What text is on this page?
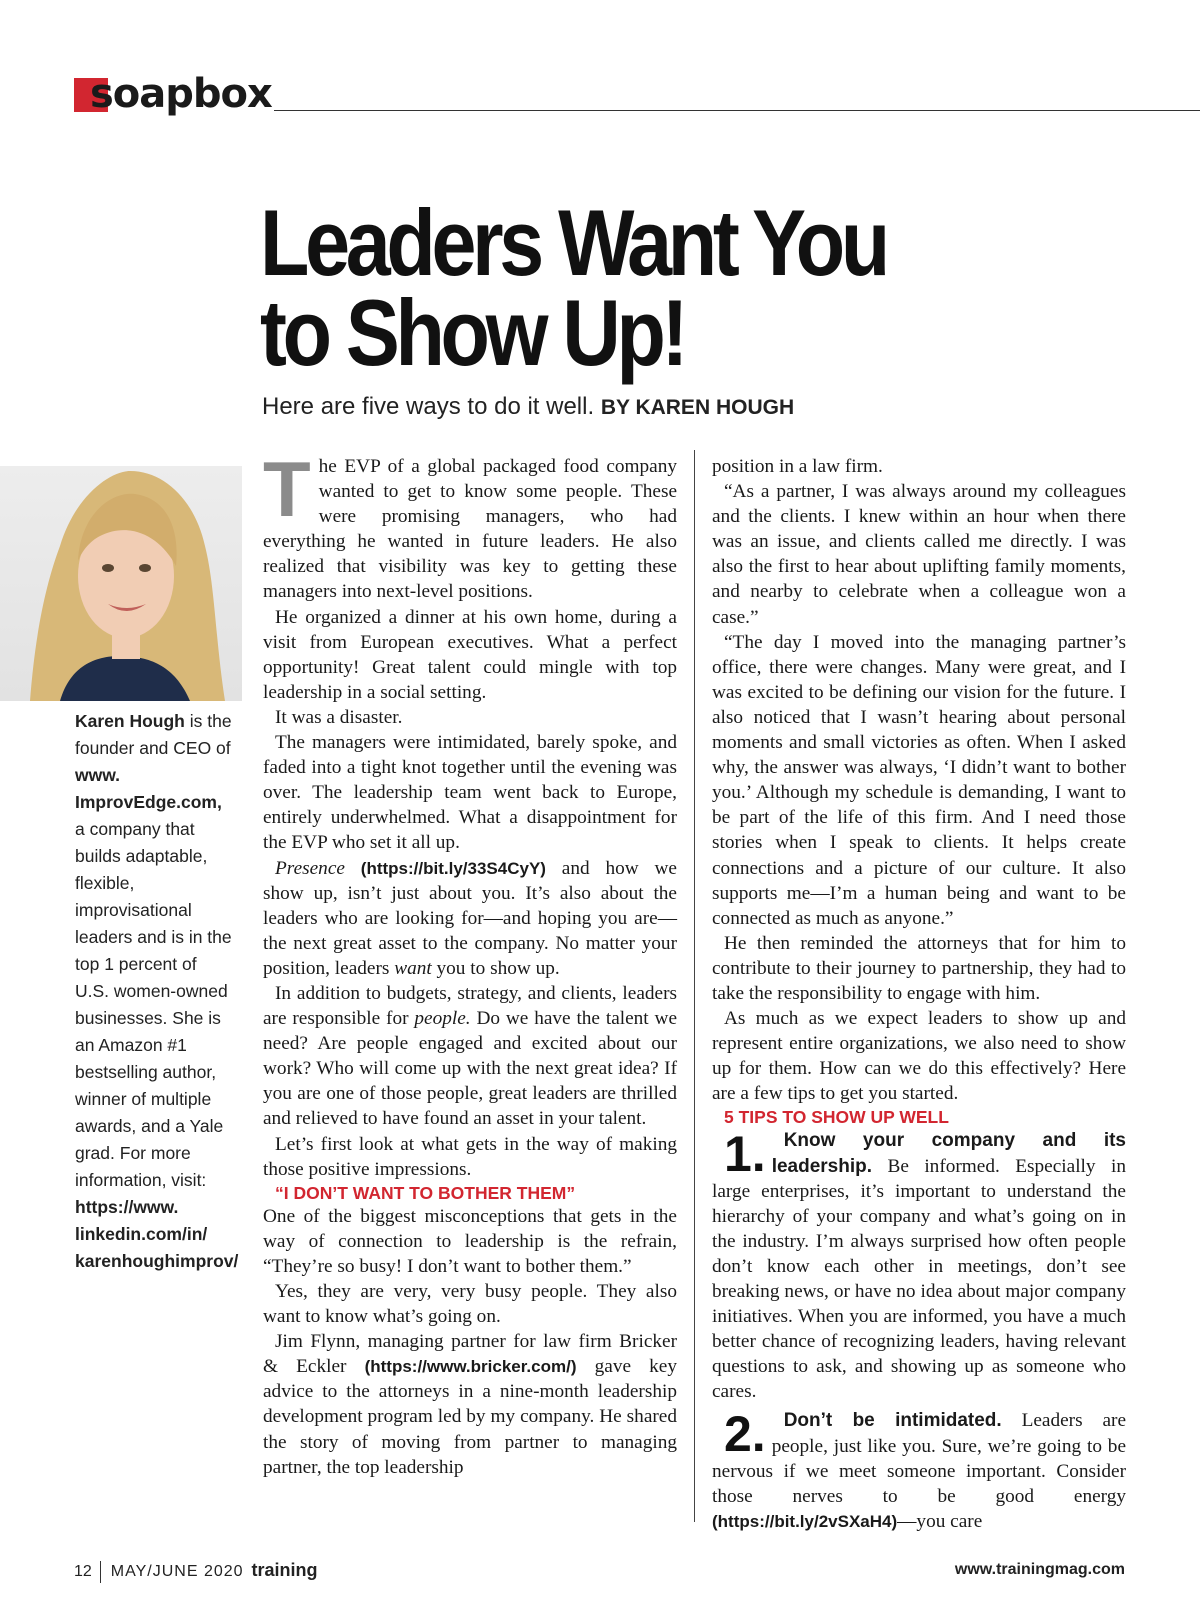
soapbox
Leaders Want You
to Show Up!
Here are five ways to do it well. BY KAREN HOUGH
Karen Hough is the founder and CEO of www. ImprovEdge.com, a company that builds adaptable, flexible, improvisational leaders and is in the top 1 percent of U.S. women-owned businesses. She is an Amazon #1 bestselling author, winner of multiple awards, and a Yale grad. For more information, visit: https://www. linkedin.com/in/ karenhoughimprov/

The EVP of a global packaged food company wanted to get to know some people. These were promising managers, who had everything he wanted in future leaders. He also realized that visibility was key to getting these managers into next-level positions.

He organized a dinner at his own home, during a visit from European executives. What a perfect opportunity! Great talent could mingle with top leadership in a social setting.

It was a disaster.

The managers were intimidated, barely spoke, and faded into a tight knot together until the evening was over. The leadership team went back to Europe, entirely underwhelmed. What a disappointment for the EVP who set it all up.

Presence (https://bit.ly/33S4CyY) and how we show up, isn’t just about you. It’s also about the leaders who are looking for—and hoping you are—the next great asset to the company. No matter your position, leaders want you to show up.

In addition to budgets, strategy, and clients, leaders are responsible for people. Do we have the talent we need? Are people engaged and excited about our work? Who will come up with the next great idea? If you are one of those people, great leaders are thrilled and relieved to have found an asset in your talent.

Let’s first look at what gets in the way of making those positive impressions.

“I DON’T WANT TO BOTHER THEM”

One of the biggest misconceptions that gets in the way of connection to leadership is the refrain, “They’re so busy! I don’t want to bother them.”

Yes, they are very, very busy people. They also want to know what’s going on.

Jim Flynn, managing partner for law firm Bricker & Eckler (https://www.bricker.com/) gave key advice to the attorneys in a nine-month leadership development program led by my company. He shared the story of moving from partner to managing partner, the top leadership

position in a law firm.

“As a partner, I was always around my colleagues and the clients. I knew within an hour when there was an issue, and clients called me directly. I was also the first to hear about uplifting family moments, and nearby to celebrate when a colleague won a case.”

“The day I moved into the managing partner’s office, there were changes. Many were great, and I was excited to be defining our vision for the future. I also noticed that I wasn’t hearing about personal moments and small victories as often. When I asked why, the answer was always, ‘I didn’t want to bother you.’ Although my schedule is demanding, I want to be part of the life of this firm. And I need those stories when I speak to clients. It helps create connections and a picture of our culture. It also supports me—I’m a human being and want to be connected as much as anyone.”

He then reminded the attorneys that for him to contribute to their journey to partnership, they had to take the responsibility to engage with him.

As much as we expect leaders to show up and represent entire organizations, we also need to show up for them. How can we do this effectively? Here are a few tips to get you started.

5 TIPS TO SHOW UP WELL

1. Know your company and its leadership. Be informed. Especially in large enterprises, it’s important to understand the hierarchy of your company and what’s going on in the industry. I’m always surprised how often people don’t know each other in meetings, don’t see breaking news, or have no idea about major company initiatives. When you are informed, you have a much better chance of recognizing leaders, having relevant questions to ask, and showing up as someone who cares.

2. Don’t be intimidated. Leaders are people, just like you. Sure, we’re going to be nervous if we meet someone important. Consider those nerves to be good energy (https://bit.ly/2vSXaH4)—you care

12 MAY/JUNE 2020 training	www.trainingmag.com
